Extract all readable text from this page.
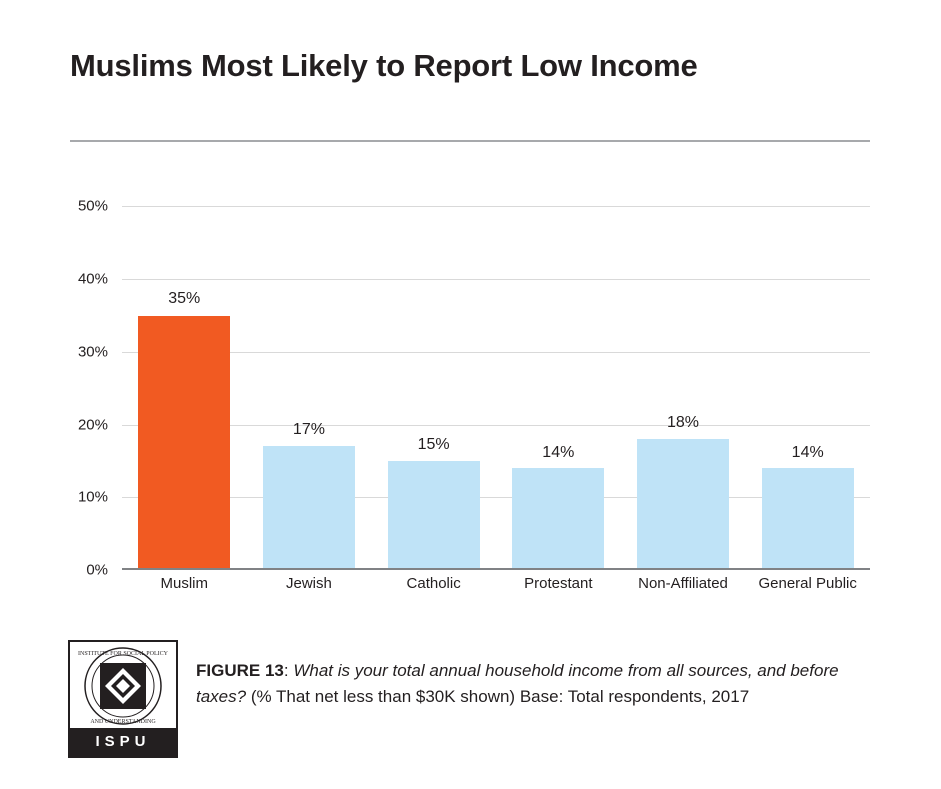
Muslims Most Likely to Report Low Income
0%
10%
20%
30%
40%
50%
35%
17%
15%	14%
18%
14%
Muslim	Jewish	Catholic	Protestant	Non-Affiliated	General Public
INSTITUTE FOR SOCIAL POLICY
AND UNDERSTANDING
ISPU
FIGURE 13: What is your total annual household income from all sources, and before taxes? (% That net less than $30K shown) Base: Total respondents, 2017
